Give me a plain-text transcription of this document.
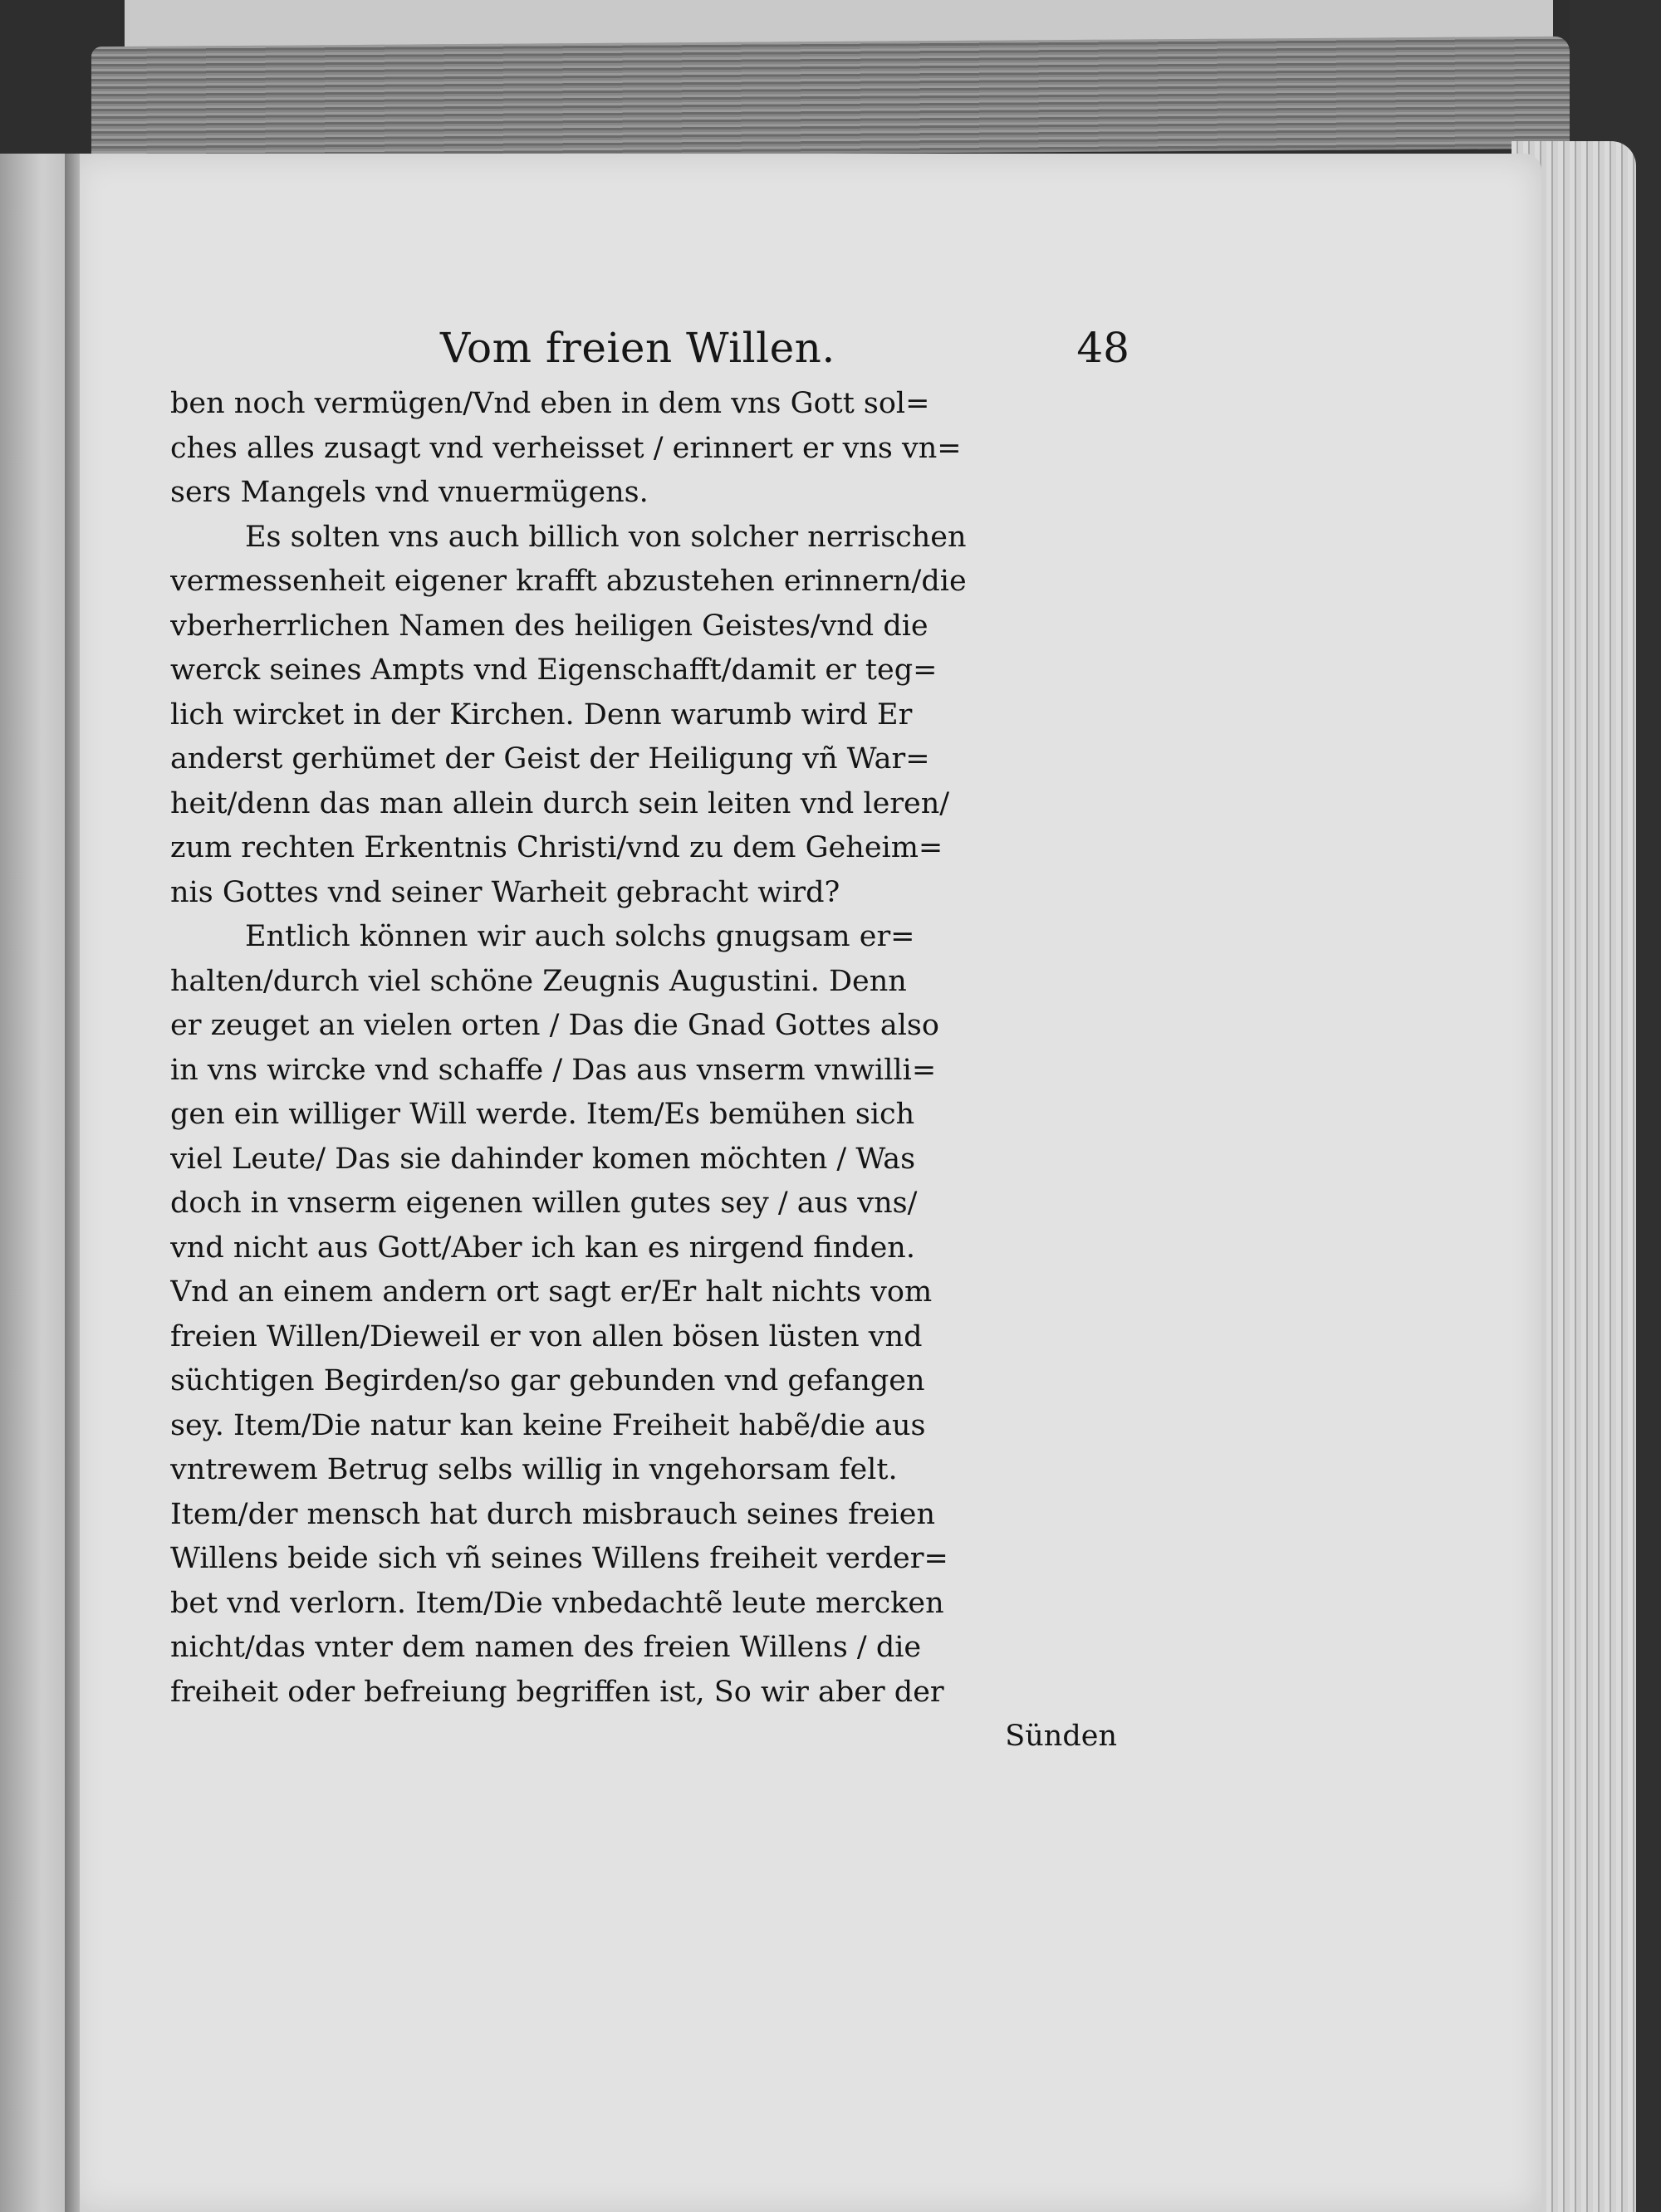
Vom freien Willen.	48
ben noch vermügen/Vnd eben in dem vns Gott sol=
ches alles zusagt vnd verheisset / erinnert er vns vn=
sers Mangels vnd vnuermügens.
Es solten vns auch billich von solcher nerrischen
vermessenheit eigener krafft abzustehen erinnern/die
vberherrlichen Namen des heiligen Geistes/vnd die
werck seines Ampts vnd Eigenschafft/damit er teg=
lich wircket in der Kirchen. Denn warumb wird Er
anderst gerhümet der Geist der Heiligung vñ War=
heit/denn das man allein durch sein leiten vnd leren/
zum rechten Erkentnis Christi/vnd zu dem Geheim=
nis Gottes vnd seiner Warheit gebracht wird?
Entlich können wir auch solchs gnugsam er=
halten/durch viel schöne Zeugnis Augustini. Denn
er zeuget an vielen orten / Das die Gnad Gottes also
in vns wircke vnd schaffe / Das aus vnserm vnwilli=
gen ein williger Will werde. Item/Es bemühen sich
viel Leute/ Das sie dahinder komen möchten / Was
doch in vnserm eigenen willen gutes sey / aus vns/
vnd nicht aus Gott/Aber ich kan es nirgend finden.
Vnd an einem andern ort sagt er/Er halt nichts vom
freien Willen/Dieweil er von allen bösen lüsten vnd
süchtigen Begirden/so gar gebunden vnd gefangen
sey. Item/Die natur kan keine Freiheit habẽ/die aus
vntrewem Betrug selbs willig in vngehorsam felt.
Item/der mensch hat durch misbrauch seines freien
Willens beide sich vñ seines Willens freiheit verder=
bet vnd verlorn. Item/Die vnbedachtẽ leute mercken
nicht/das vnter dem namen des freien Willens / die
freiheit oder befreiung begriffen ist, So wir aber der
Sünden
